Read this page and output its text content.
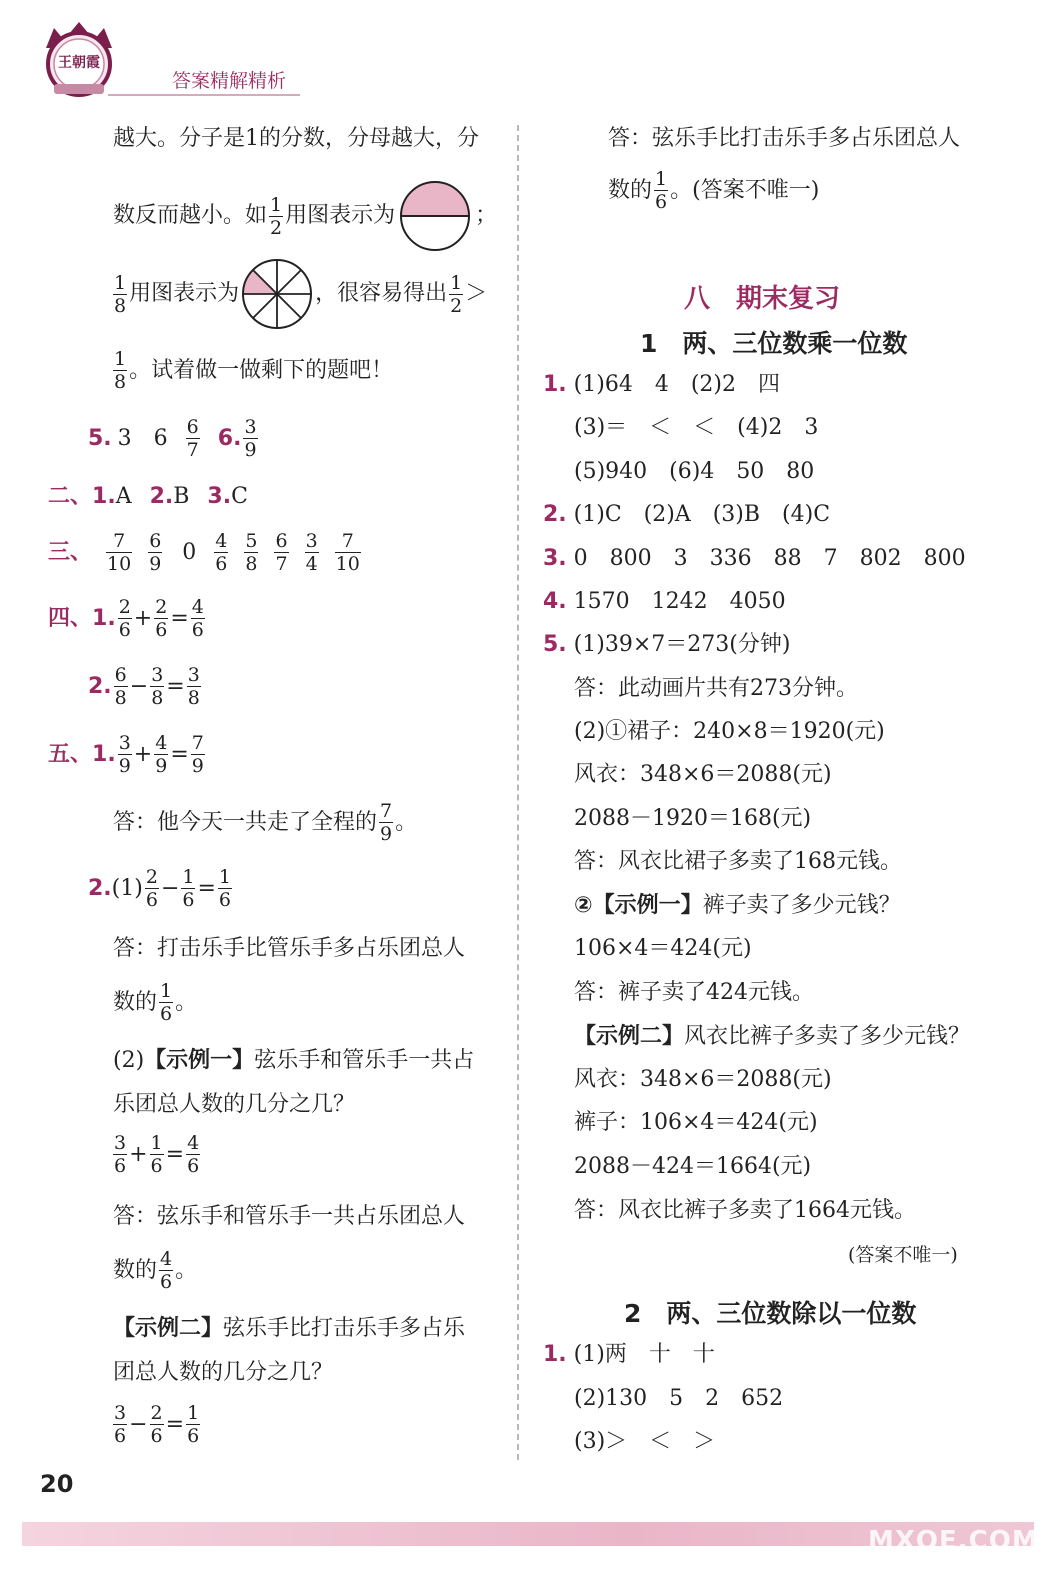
王朝霞
答案精解精析
越大。分子是1的分数，分母越大，分
数反而越小。如 $\frac{1}{2}$ 用图表示为	；
$\frac{1}{8}$ 用图表示为	，很容易得出 $\frac{1}{2}$ ＞
$\frac{1}{8}$ 。试着做一做剩下的题吧！
5. 3　$6 \frac{6}{7} 6$. $\frac{3}{9}$
二、 1. A 2. B 3. C
三、 $\frac{7}{10} \frac{6}{9} 0 \frac{4}{6} \frac{5}{8} \frac{6}{7} \frac{3}{4} \frac{7}{10}$
四、 1. $\frac{2}{6} + \frac{2}{6} = \frac{4}{6}$
2. $\frac{6}{8} - \frac{3}{8} = \frac{3}{8}$
五、 1. $\frac{3}{9} + \frac{4}{9} = \frac{7}{9}$
答：他今天一共走了全程的 $\frac{7}{9}$ 。
2. $(1) \frac{2}{6} - \frac{1}{6} = \frac{1}{6}$
答：打击乐手比管乐手多占乐团总人
数的 $\frac{1}{6}$ 。
(2)【示例一】弦乐手和管乐手一共占
乐团总人数的几分之几？
$\frac{3}{6} + \frac{1}{6} = \frac{4}{6}$
答：弦乐手和管乐手一共占乐团总人
数的 $\frac{4}{6}$ 。
【示例二】弦乐手比打击乐手多占乐
团总人数的几分之几？
$\frac{3}{6} - \frac{2}{6} = \frac{1}{6}$
答：弦乐手比打击乐手多占乐团总人
数的 $\frac{1}{6}$ 。(答案不唯一)
八　期末复习
1　两、三位数乘一位数
1. (1)64　4　(2)2　四
(3)＝　＜　＜　(4)2　3
(5)940　(6)4　50　80
2. (1)C　(2)A　(3)B　(4)C
3. 0　800　3　336　88　7　802　800
4. 1570　1242　4050
5. (1)39×7＝273(分钟)
答：此动画片共有273分钟。
(2)①裙子：240×8＝1920(元)
风衣：348×6＝2088(元)
2088－1920＝168(元)
答：风衣比裙子多卖了168元钱。
②【示例一】裤子卖了多少元钱？
106×4＝424(元)
答：裤子卖了424元钱。
【示例二】风衣比裤子多卖了多少元钱？
风衣：348×6＝2088(元)
裤子：106×4＝424(元)
2088－424＝1664(元)
答：风衣比裤子多卖了1664元钱。
(答案不唯一)
2　两、三位数除以一位数
1. (1)两　十　十
(2)130　5　2　652
(3)＞　＜　＞
20
MXQE.COM
